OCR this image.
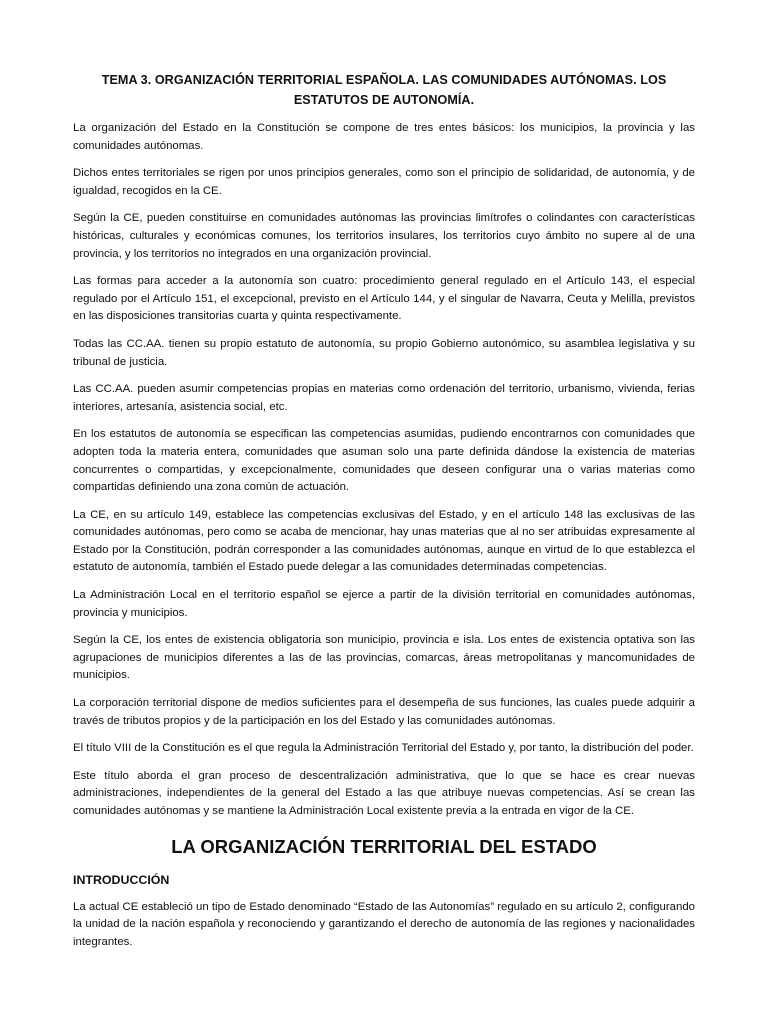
TEMA 3. ORGANIZACIÓN TERRITORIAL ESPAÑOLA. LAS COMUNIDADES AUTÓNOMAS. LOS ESTATUTOS DE AUTONOMÍA.

La organización del Estado en la Constitución se compone de tres entes básicos: los municipios, la provincia y las comunidades autónomas.

Dichos entes territoriales se rigen por unos principios generales, como son el principio de solidaridad, de autonomía, y de igualdad, recogidos en la CE.

Según la CE, pueden constituirse en comunidades autónomas las provincias limítrofes o colindantes con características históricas, culturales y económicas comunes, los territorios insulares, los territorios cuyo ámbito no supere al de una provincia, y los territorios no integrados en una organización provincial.

Las formas para acceder a la autonomía son cuatro: procedimiento general regulado en el Artículo 143, el especial regulado por el Artículo 151, el excepcional, previsto en el Artículo 144, y el singular de Navarra, Ceuta y Melilla, previstos en las disposiciones transitorias cuarta y quinta respectivamente.

Todas las CC.AA. tienen su propio estatuto de autonomía, su propio Gobierno autonómico, su asamblea legislativa y su tribunal de justicia.

Las CC.AA. pueden asumir competencias propias en materias como ordenación del territorio, urbanismo, vivienda, ferias interiores, artesanía, asistencia social, etc.

En los estatutos de autonomía se especifican las competencias asumidas, pudiendo encontrarnos con comunidades que adopten toda la materia entera, comunidades que asuman solo una parte definida dándose la existencia de materias concurrentes o compartidas, y excepcionalmente, comunidades que deseen configurar una o varias materias como compartidas definiendo una zona común de actuación.

La CE, en su artículo 149, establece las competencias exclusivas del Estado, y en el artículo 148 las exclusivas de las comunidades autónomas, pero como se acaba de mencionar, hay unas materias que al no ser atribuidas expresamente al Estado por la Constitución, podrán corresponder a las comunidades autónomas, aunque en virtud de lo que establezca el estatuto de autonomía, también el Estado puede delegar a las comunidades determinadas competencias.

La Administración Local en el territorio español se ejerce a partir de la división territorial en comunidades autónomas, provincia y municipios.

Según la CE, los entes de existencia obligatoria son municipio, provincia e isla. Los entes de existencia optativa son las agrupaciones de municipios diferentes a las de las provincias, comarcas, áreas metropolitanas y mancomunidades de municipios.

La corporación territorial dispone de medios suficientes para el desempeña de sus funciones, las cuales puede adquirir a través de tributos propios y de la participación en los del Estado y las comunidades autónomas.

El título VIII de la Constitución es el que regula la Administración Territorial del Estado y, por tanto, la distribución del poder.

Este título aborda el gran proceso de descentralización administrativa, que lo que se hace es crear nuevas administraciones, independientes de la general del Estado a las que atribuye nuevas competencias. Así se crean las comunidades autónomas y se mantiene la Administración Local existente previa a la entrada en vigor de la CE.

LA ORGANIZACIÓN TERRITORIAL DEL ESTADO
INTRODUCCIÓN

La actual CE estableció un tipo de Estado denominado “Estado de las Autonomías” regulado en su artículo 2, configurando la unidad de la nación española y reconociendo y garantizando el derecho de autonomía de las regiones y nacionalidades integrantes.
